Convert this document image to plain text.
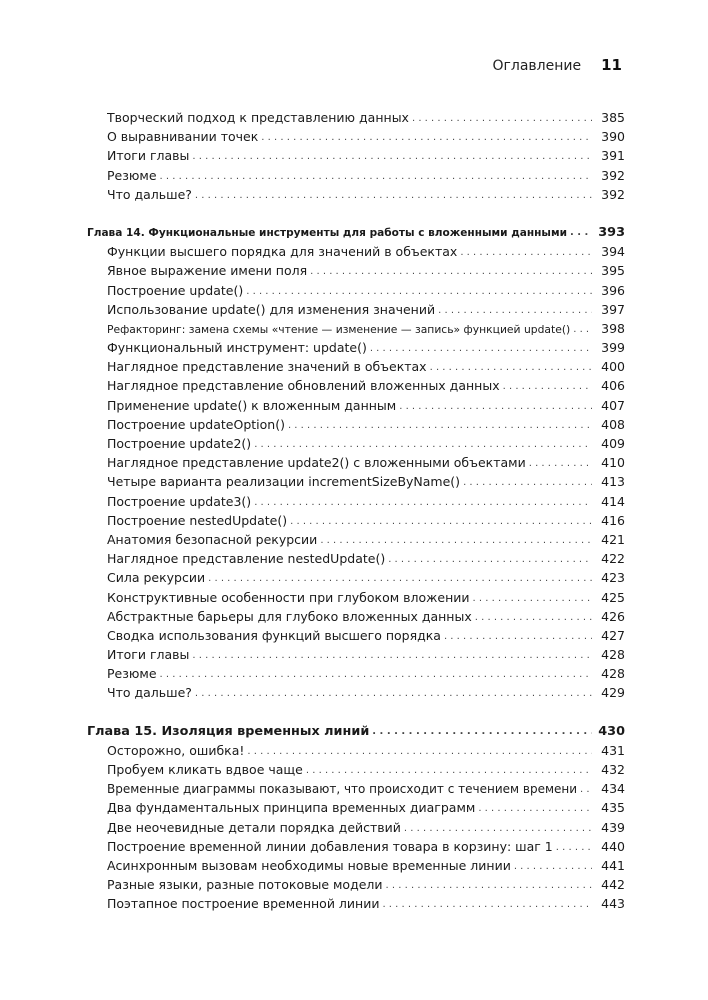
Оглавление 11
Творческий подход к представлению данных . . .	385
О выравнивании точек . . .	390
Итоги главы . . .	391
Резюме . . .	392
Что дальше? . . .	392
Глава 14. Функциональные инструменты для работы с вложенными данными . . .	393
Функции высшего порядка для значений в объектах . . .	394
Явное выражение имени поля . . .	395
Построение update() . . .	396
Использование update() для изменения значений . . .	397
Рефакторинг: замена схемы «чтение — изменение — запись» функцией update() . . .	398
Функциональный инструмент: update() . . .	399
Наглядное представление значений в объектах . . .	400
Наглядное представление обновлений вложенных данных . . .	406
Применение update() к вложенным данным . . .	407
Построение updateOption() . . .	408
Построение update2() . . .	409
Наглядное представление update2() с вложенными объектами . . .	410
Четыре варианта реализации incrementSizeByName() . . .	413
Построение update3() . . .	414
Построение nestedUpdate() . . .	416
Анатомия безопасной рекурсии . . .	421
Наглядное представление nestedUpdate() . . .	422
Сила рекурсии . . .	423
Конструктивные особенности при глубоком вложении . . .	425
Абстрактные барьеры для глубоко вложенных данных . . .	426
Сводка использования функций высшего порядка . . .	427
Итоги главы . . .	428
Резюме . . .	428
Что дальше? . . .	429
Глава 15. Изоляция временных линий . . .	430
Осторожно, ошибка! . . .	431
Пробуем кликать вдвое чаще . . .	432
Временные диаграммы показывают, что происходит с течением времени . . .	434
Два фундаментальных принципа временных диаграмм . . .	435
Две неочевидные детали порядка действий . . .	439
Построение временной линии добавления товара в корзину: шаг 1 . . .	440
Асинхронным вызовам необходимы новые временные линии . . .	441
Разные языки, разные потоковые модели . . .	442
Поэтапное построение временной линии . . .	443
